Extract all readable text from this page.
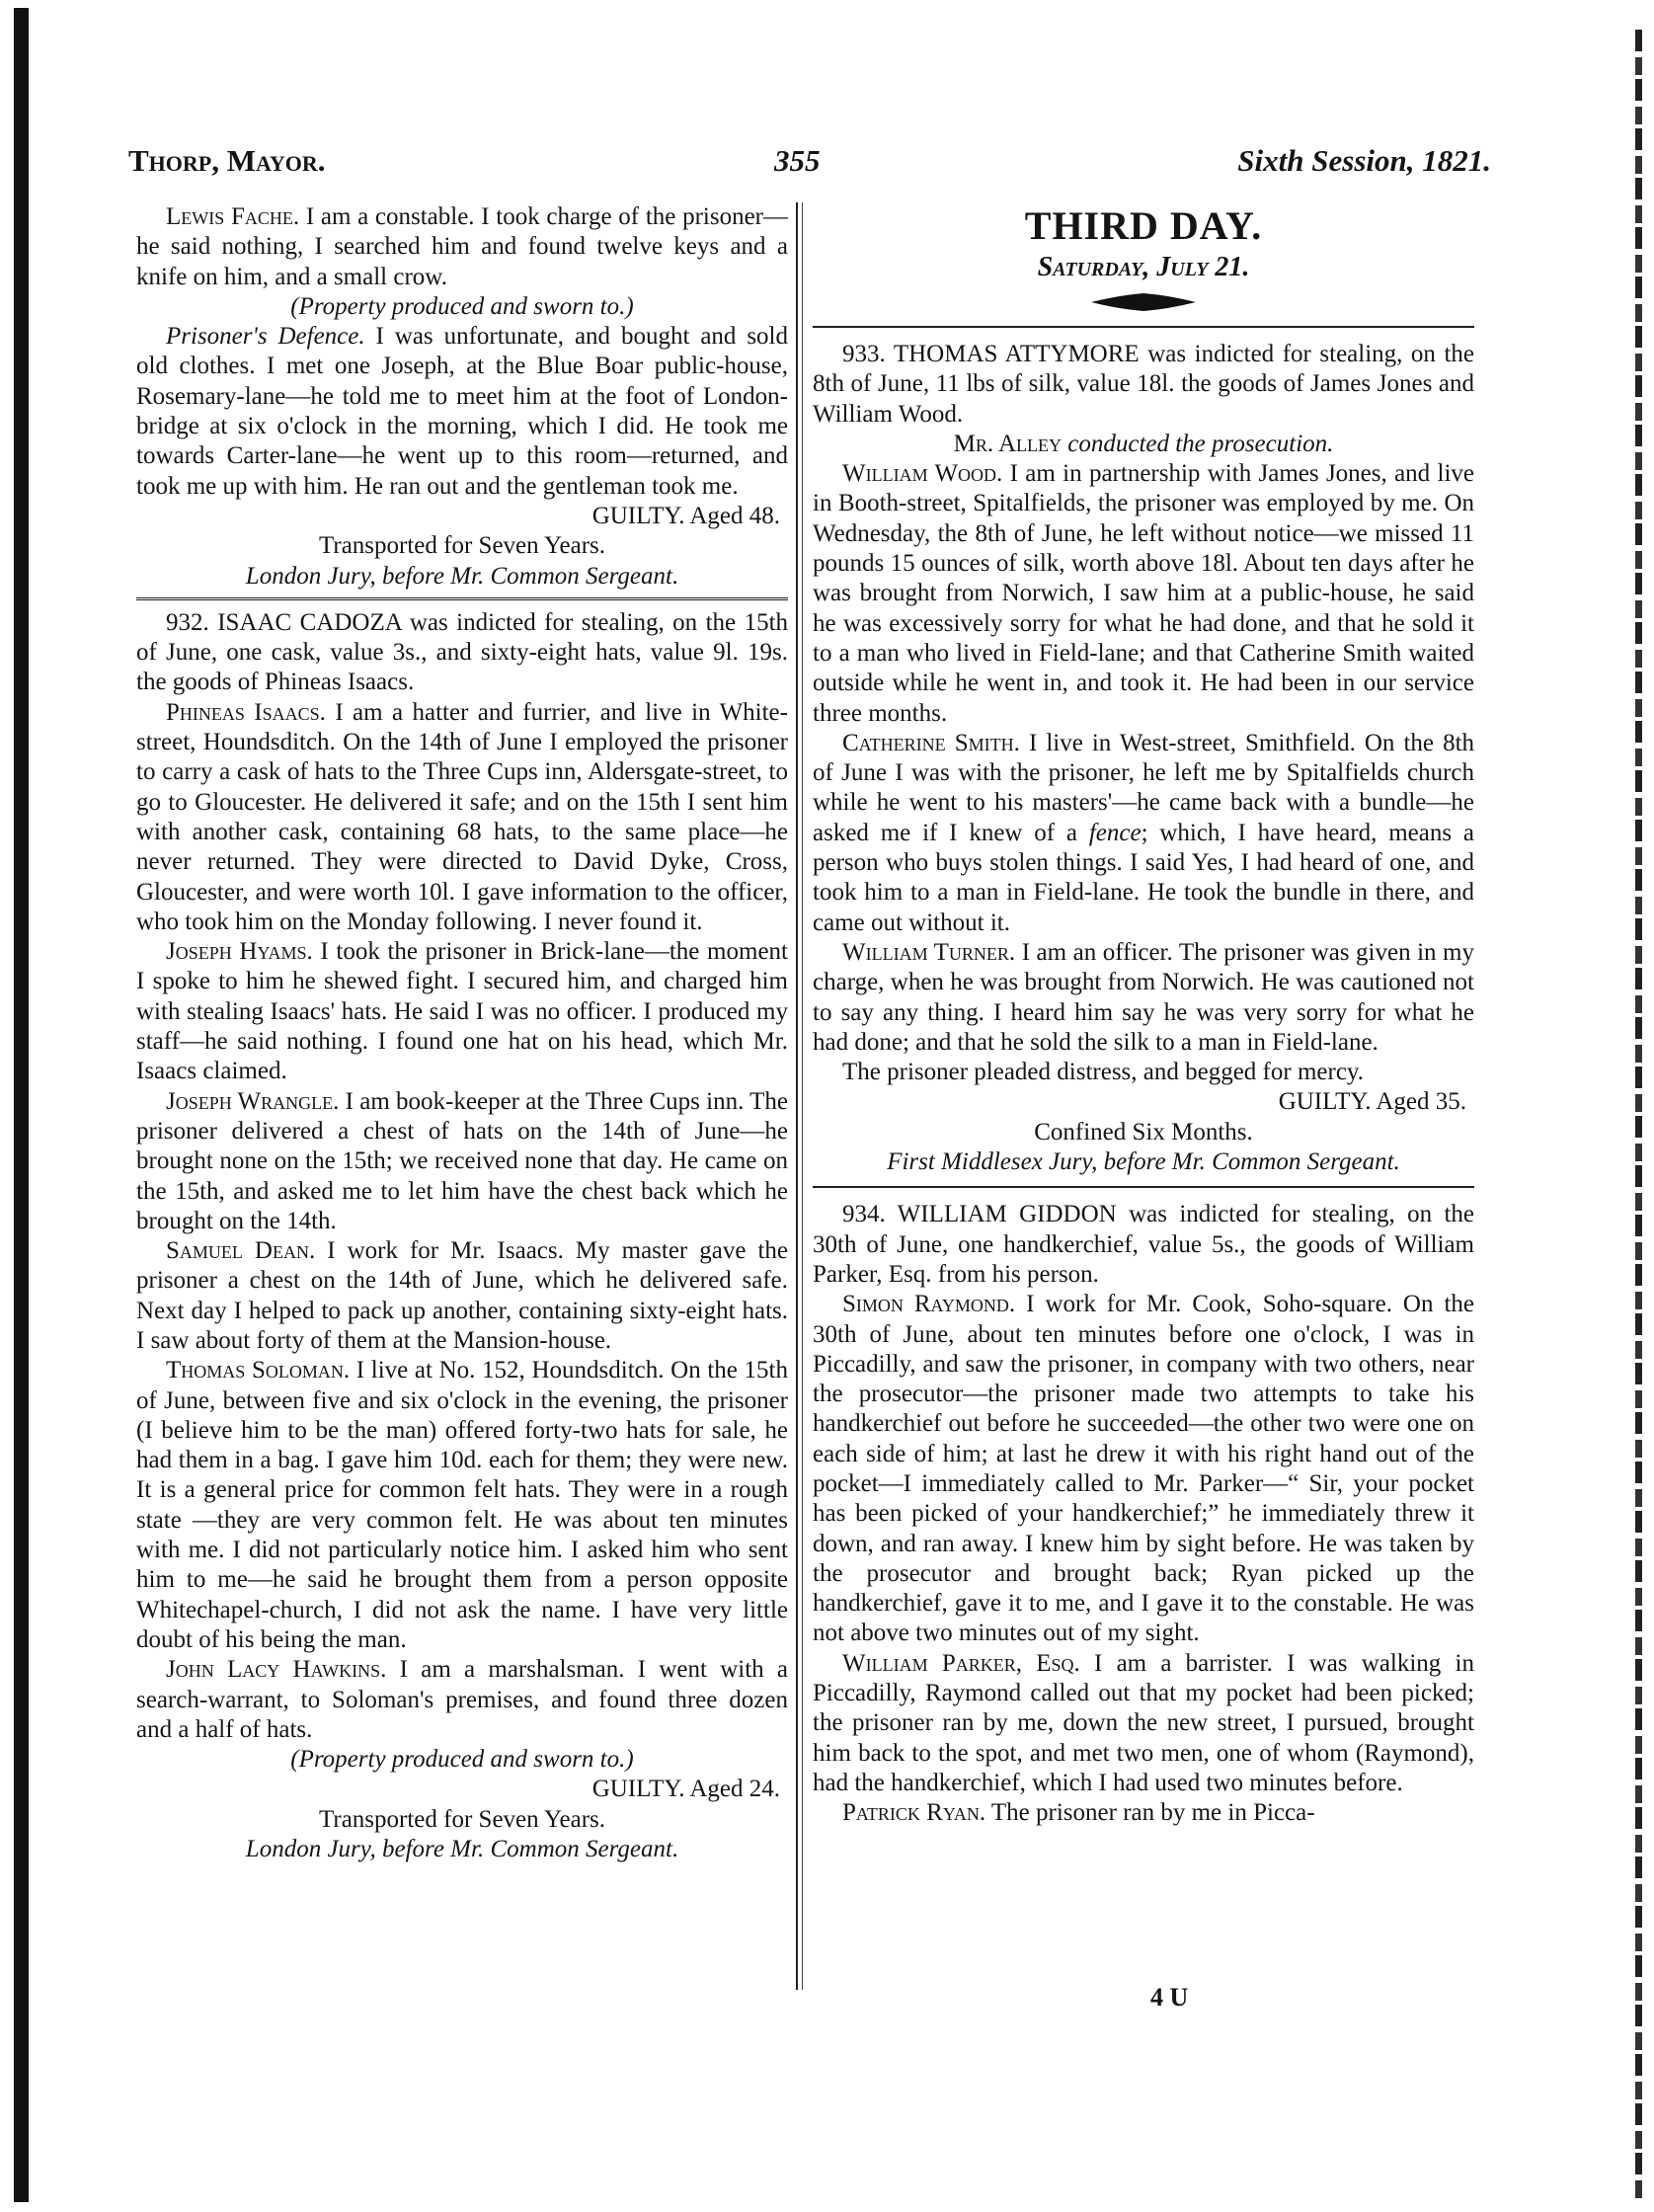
Thorp, Mayor.	355	Sixth Session, 1821.

Lewis Fache. I am a constable. I took charge of the prisoner—he said nothing, I searched him and found twelve keys and a knife on him, and a small crow.

(Property produced and sworn to.)

Prisoner's Defence. I was unfortunate, and bought and sold old clothes. I met one Joseph, at the Blue Boar public-house, Rosemary-lane—he told me to meet him at the foot of London-bridge at six o'clock in the morning, which I did. He took me towards Carter-lane—he went up to this room—returned, and took me up with him. He ran out and the gentleman took me.

GUILTY. Aged 48.

Transported for Seven Years.

London Jury, before Mr. Common Sergeant.

932. ISAAC CADOZA was indicted for stealing, on the 15th of June, one cask, value 3s., and sixty-eight hats, value 9l. 19s. the goods of Phineas Isaacs.

Phineas Isaacs. I am a hatter and furrier, and live in White-street, Houndsditch. On the 14th of June I employed the prisoner to carry a cask of hats to the Three Cups inn, Aldersgate-street, to go to Gloucester. He delivered it safe; and on the 15th I sent him with another cask, containing 68 hats, to the same place—he never returned. They were directed to David Dyke, Cross, Gloucester, and were worth 10l. I gave information to the officer, who took him on the Monday following. I never found it.

Joseph Hyams. I took the prisoner in Brick-lane—the moment I spoke to him he shewed fight. I secured him, and charged him with stealing Isaacs' hats. He said I was no officer. I produced my staff—he said nothing. I found one hat on his head, which Mr. Isaacs claimed.

Joseph Wrangle. I am book-keeper at the Three Cups inn. The prisoner delivered a chest of hats on the 14th of June—he brought none on the 15th; we received none that day. He came on the 15th, and asked me to let him have the chest back which he brought on the 14th.

Samuel Dean. I work for Mr. Isaacs. My master gave the prisoner a chest on the 14th of June, which he delivered safe. Next day I helped to pack up another, containing sixty-eight hats. I saw about forty of them at the Mansion-house.

Thomas Soloman. I live at No. 152, Houndsditch. On the 15th of June, between five and six o'clock in the evening, the prisoner (I believe him to be the man) offered forty-two hats for sale, he had them in a bag. I gave him 10d. each for them; they were new. It is a general price for common felt hats. They were in a rough state —they are very common felt. He was about ten minutes with me. I did not particularly notice him. I asked him who sent him to me—he said he brought them from a person opposite Whitechapel-church, I did not ask the name. I have very little doubt of his being the man.

John Lacy Hawkins. I am a marshalsman. I went with a search-warrant, to Soloman's premises, and found three dozen and a half of hats.

(Property produced and sworn to.)

GUILTY. Aged 24.

Transported for Seven Years.

London Jury, before Mr. Common Sergeant.

THIRD DAY.
Saturday, July 21.

933. THOMAS ATTYMORE was indicted for stealing, on the 8th of June, 11 lbs of silk, value 18l. the goods of James Jones and William Wood.

Mr. Alley conducted the prosecution.

William Wood. I am in partnership with James Jones, and live in Booth-street, Spitalfields, the prisoner was employed by me. On Wednesday, the 8th of June, he left without notice—we missed 11 pounds 15 ounces of silk, worth above 18l. About ten days after he was brought from Norwich, I saw him at a public-house, he said he was excessively sorry for what he had done, and that he sold it to a man who lived in Field-lane; and that Catherine Smith waited outside while he went in, and took it. He had been in our service three months.

Catherine Smith. I live in West-street, Smithfield. On the 8th of June I was with the prisoner, he left me by Spitalfields church while he went to his masters'—he came back with a bundle—he asked me if I knew of a fence; which, I have heard, means a person who buys stolen things. I said Yes, I had heard of one, and took him to a man in Field-lane. He took the bundle in there, and came out without it.

William Turner. I am an officer. The prisoner was given in my charge, when he was brought from Norwich. He was cautioned not to say any thing. I heard him say he was very sorry for what he had done; and that he sold the silk to a man in Field-lane.

The prisoner pleaded distress, and begged for mercy.

GUILTY. Aged 35.

Confined Six Months.

First Middlesex Jury, before Mr. Common Sergeant.

934. WILLIAM GIDDON was indicted for stealing, on the 30th of June, one handkerchief, value 5s., the goods of William Parker, Esq. from his person.

Simon Raymond. I work for Mr. Cook, Soho-square. On the 30th of June, about ten minutes before one o'clock, I was in Piccadilly, and saw the prisoner, in company with two others, near the prosecutor—the prisoner made two attempts to take his handkerchief out before he succeeded—the other two were one on each side of him; at last he drew it with his right hand out of the pocket—I immediately called to Mr. Parker—“ Sir, your pocket has been picked of your handkerchief;” he immediately threw it down, and ran away. I knew him by sight before. He was taken by the prosecutor and brought back; Ryan picked up the handkerchief, gave it to me, and I gave it to the constable. He was not above two minutes out of my sight.

William Parker, Esq. I am a barrister. I was walking in Piccadilly, Raymond called out that my pocket had been picked; the prisoner ran by me, down the new street, I pursued, brought him back to the spot, and met two men, one of whom (Raymond), had the handkerchief, which I had used two minutes before.

Patrick Ryan. The prisoner ran by me in Picca-

4 U
